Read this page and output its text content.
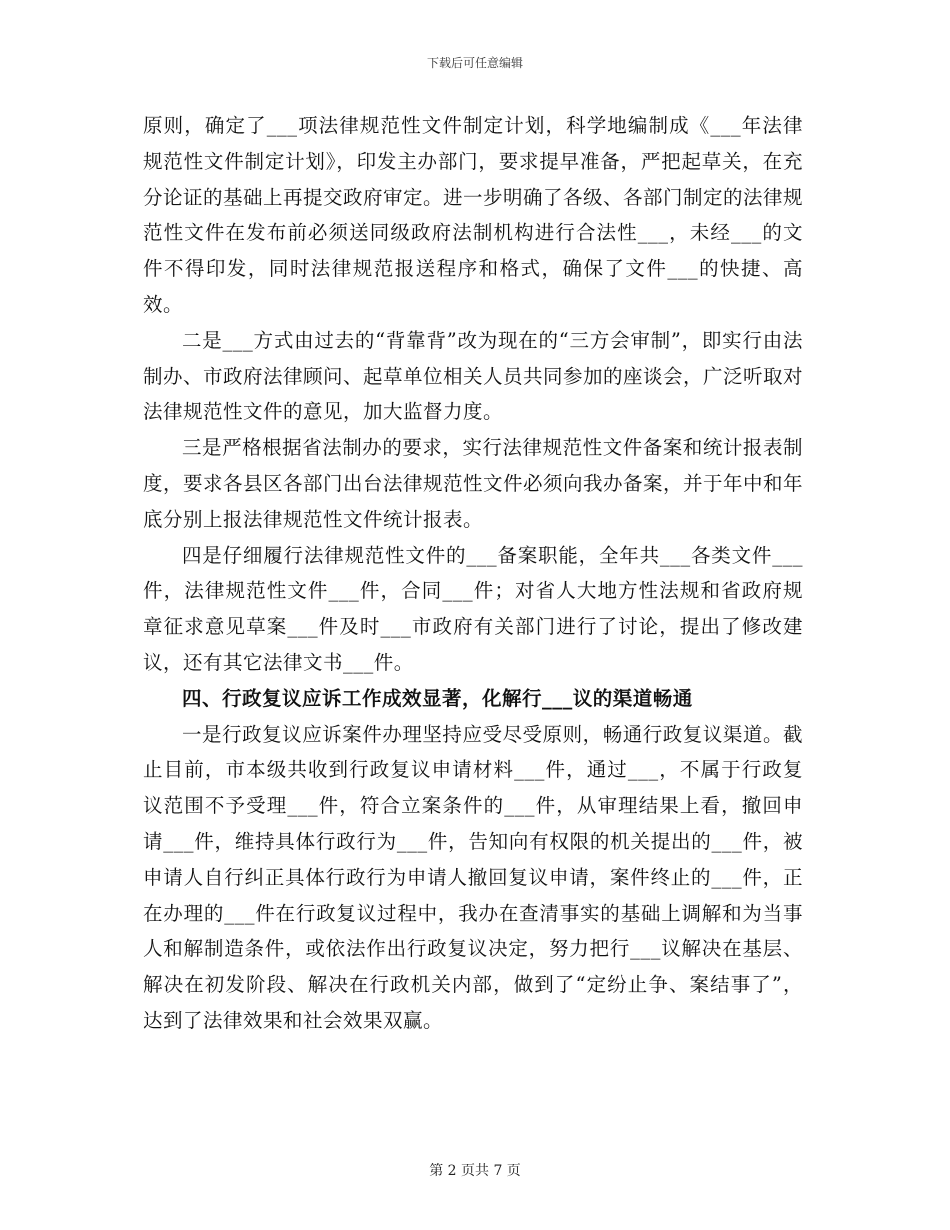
下载后可任意编辑

原则，确定了___项法律规范性文件制定计划，科学地编制成《___年法律规范性文件制定计划》，印发主办部门，要求提早准备，严把起草关，在充分论证的基础上再提交政府审定。进一步明确了各级、各部门制定的法律规范性文件在发布前必须送同级政府法制机构进行合法性___，未经___的文件不得印发，同时法律规范报送程序和格式，确保了文件___的快捷、高效。

二是___方式由过去的“背靠背”改为现在的“三方会审制”，即实行由法制办、市政府法律顾问、起草单位相关人员共同参加的座谈会，广泛听取对法律规范性文件的意见，加大监督力度。

三是严格根据省法制办的要求，实行法律规范性文件备案和统计报表制度，要求各县区各部门出台法律规范性文件必须向我办备案，并于年中和年底分别上报法律规范性文件统计报表。

四是仔细履行法律规范性文件的___备案职能，全年共___各类文件___件，法律规范性文件___件，合同___件；对省人大地方性法规和省政府规章征求意见草案___件及时___市政府有关部门进行了讨论，提出了修改建议，还有其它法律文书___件。

四、行政复议应诉工作成效显著，化解行___议的渠道畅通

一是行政复议应诉案件办理坚持应受尽受原则，畅通行政复议渠道。截止目前，市本级共收到行政复议申请材料___件，通过___，不属于行政复议范围不予受理___件，符合立案条件的___件，从审理结果上看，撤回申请___件，维持具体行政行为___件，告知向有权限的机关提出的___件，被申请人自行纠正具体行政行为申请人撤回复议申请，案件终止的___件，正在办理的___件在行政复议过程中，我办在查清事实的基础上调解和为当事人和解制造条件，或依法作出行政复议决定，努力把行___议解决在基层、解决在初发阶段、解决在行政机关内部，做到了“定纷止争、案结事了”，达到了法律效果和社会效果双赢。

第 2 页共 7 页
